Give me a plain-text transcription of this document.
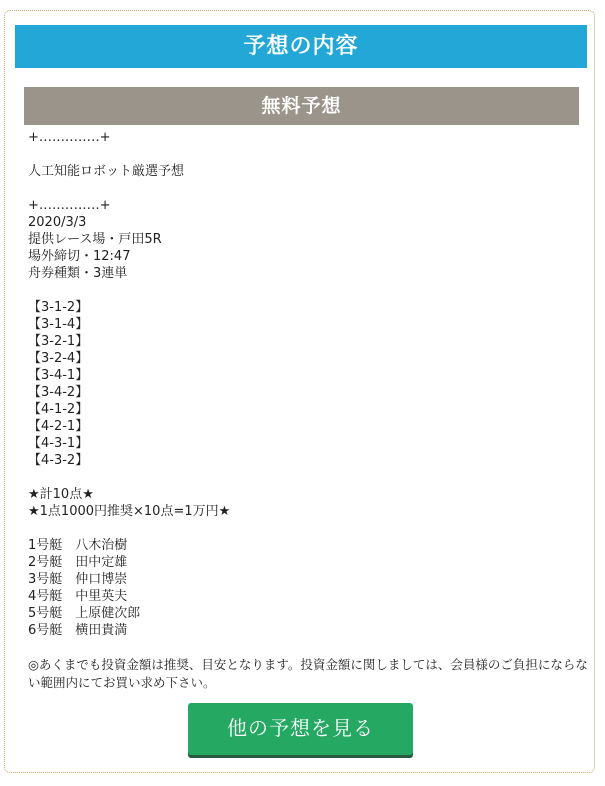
予想の内容
無料予想
+‥‥‥‥‥‥‥+
人工知能ロボット厳選予想
+‥‥‥‥‥‥‥+
2020/3/3
提供レース場・戸田5R
場外締切・12:47
舟券種類・3連単
【3-1-2】
【3-1-4】
【3-2-1】
【3-2-4】
【3-4-1】
【3-4-2】
【4-1-2】
【4-2-1】
【4-3-1】
【4-3-2】
★計10点★
★1点1000円推奨×10点=1万円★
1号艇　八木治樹
2号艇　田中定雄
3号艇　仲口博崇
4号艇　中里英夫
5号艇　上原健次郎
6号艇　横田貴満
◎あくまでも投資金額は推奨、目安となります。投資金額に関しましては、会員様のご負担にならない範囲内にてお買い求め下さい。
他の予想を見る
